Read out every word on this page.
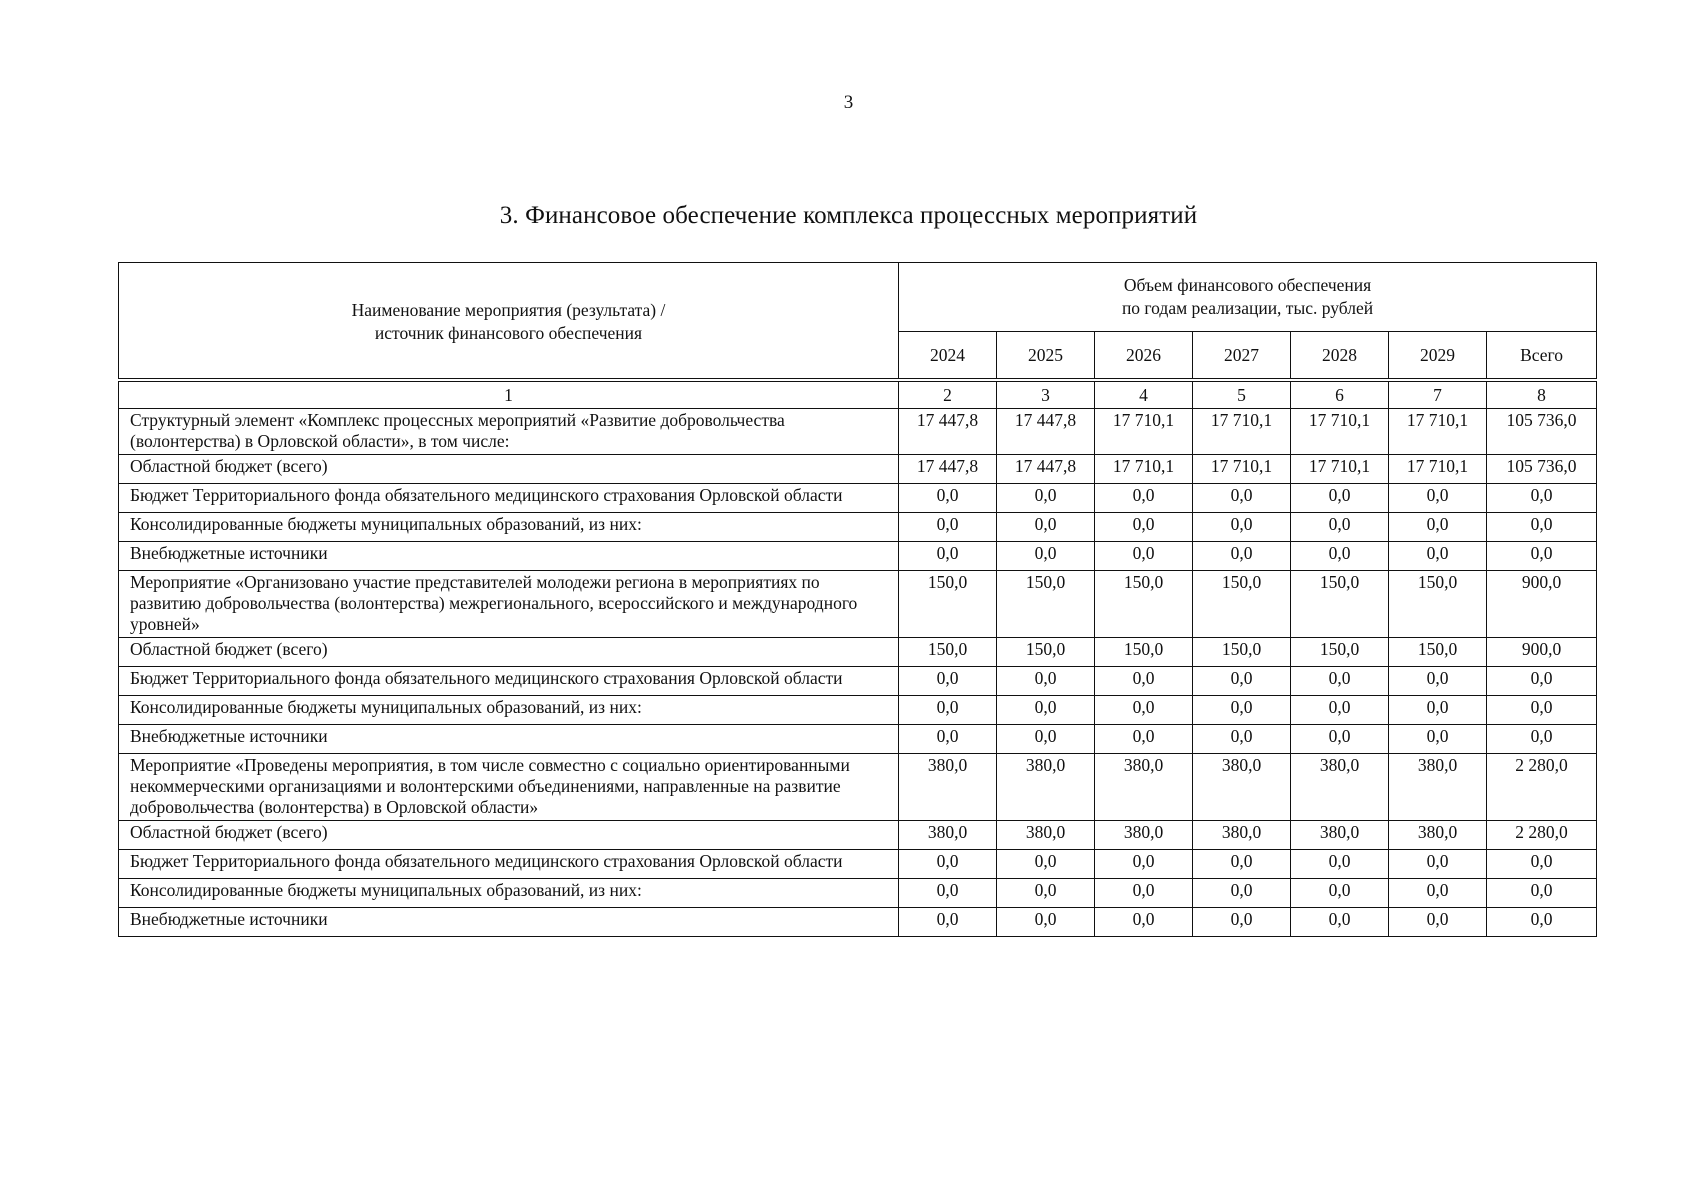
3
3. Финансовое обеспечение комплекса процессных мероприятий
Наименование мероприятия (результата) /
источник финансового обеспечения	Объем финансового обеспечения
по годам реализации, тыс. рублей						
	2024	2025	2026	2027	2028	2029	Всего
1	2	3	4	5	6	7	8
Структурный элемент «Комплекс процессных мероприятий «Развитие добровольчества (волонтерства) в Орловской области», в том числе:	17 447,8	17 447,8	17 710,1	17 710,1	17 710,1	17 710,1	105 736,0
Областной бюджет (всего)	17 447,8	17 447,8	17 710,1	17 710,1	17 710,1	17 710,1	105 736,0
Бюджет Территориального фонда обязательного медицинского страхования Орловской области	0,0	0,0	0,0	0,0	0,0	0,0	0,0
Консолидированные бюджеты муниципальных образований, из них:	0,0	0,0	0,0	0,0	0,0	0,0	0,0
Внебюджетные источники	0,0	0,0	0,0	0,0	0,0	0,0	0,0
Мероприятие «Организовано участие представителей молодежи региона в мероприятиях по развитию добровольчества (волонтерства) межрегионального, всероссийского и международного уровней»	150,0	150,0	150,0	150,0	150,0	150,0	900,0
Областной бюджет (всего)	150,0	150,0	150,0	150,0	150,0	150,0	900,0
Бюджет Территориального фонда обязательного медицинского страхования Орловской области	0,0	0,0	0,0	0,0	0,0	0,0	0,0
Консолидированные бюджеты муниципальных образований, из них:	0,0	0,0	0,0	0,0	0,0	0,0	0,0
Внебюджетные источники	0,0	0,0	0,0	0,0	0,0	0,0	0,0
Мероприятие «Проведены мероприятия, в том числе совместно с социально ориентированными некоммерческими организациями и волонтерскими объединениями, направленные на развитие добровольчества (волонтерства) в Орловской области»	380,0	380,0	380,0	380,0	380,0	380,0	2 280,0
Областной бюджет (всего)	380,0	380,0	380,0	380,0	380,0	380,0	2 280,0
Бюджет Территориального фонда обязательного медицинского страхования Орловской области	0,0	0,0	0,0	0,0	0,0	0,0	0,0
Консолидированные бюджеты муниципальных образований, из них:	0,0	0,0	0,0	0,0	0,0	0,0	0,0
Внебюджетные источники	0,0	0,0	0,0	0,0	0,0	0,0	0,0
